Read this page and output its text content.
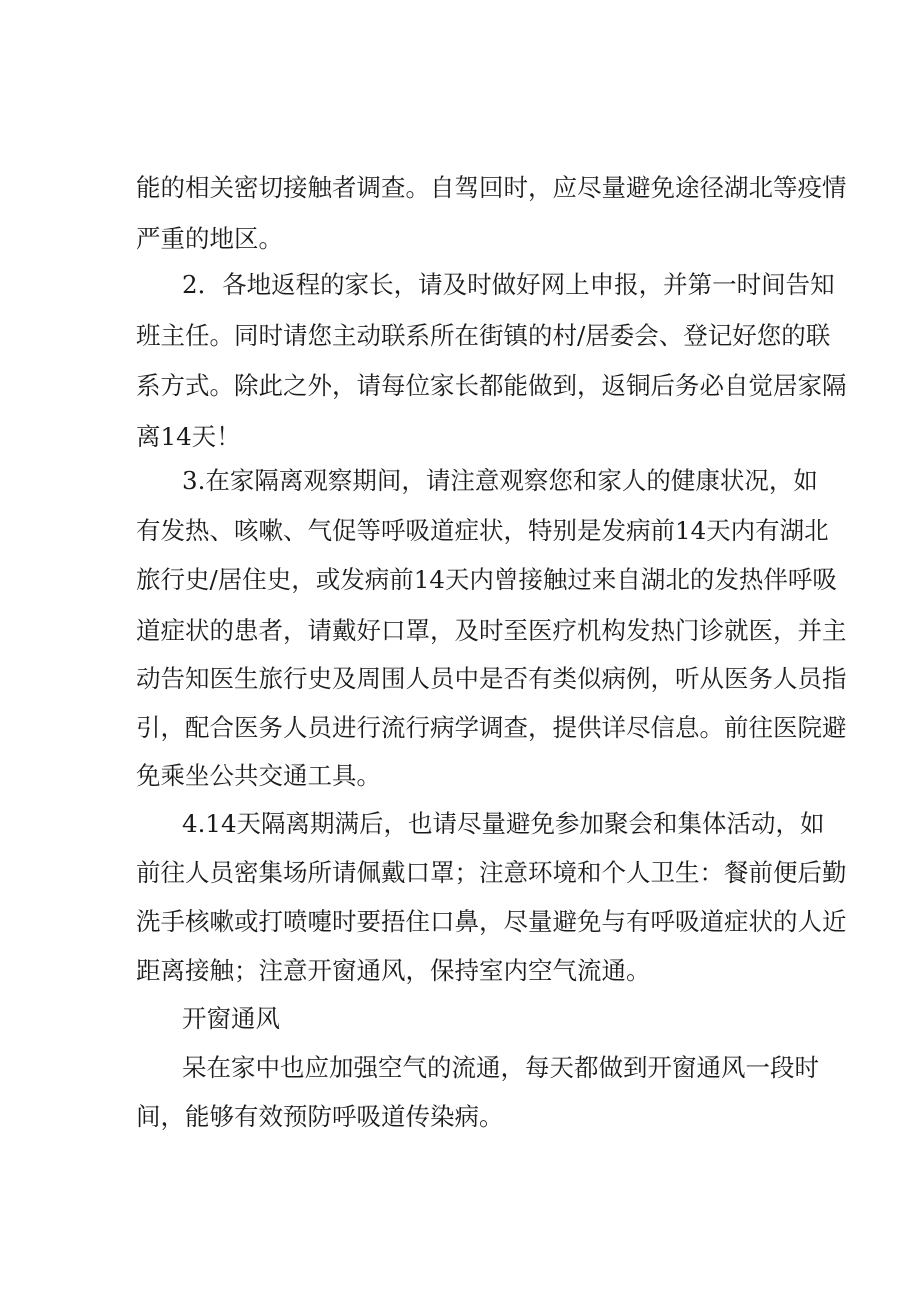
能的相关密切接触者调查。自驾回时，应尽量避免途径湖北等疫情

严重的地区。

2．各地返程的家长，请及时做好网上申报，并第一时间告知

班主任。同时请您主动联系所在街镇的村/居委会、登记好您的联

系方式。除此之外，请每位家长都能做到，返铜后务必自觉居家隔

离14天！

3.在家隔离观察期间，请注意观察您和家人的健康状况，如

有发热、咳嗽、气促等呼吸道症状，特别是发病前14天内有湖北

旅行史/居住史，或发病前14天内曾接触过来自湖北的发热伴呼吸

道症状的患者，请戴好口罩，及时至医疗机构发热门诊就医，并主

动告知医生旅行史及周围人员中是否有类似病例，听从医务人员指

引，配合医务人员进行流行病学调查，提供详尽信息。前往医院避

免乘坐公共交通工具。

4.14天隔离期满后，也请尽量避免参加聚会和集体活动，如

前往人员密集场所请佩戴口罩；注意环境和个人卫生：餐前便后勤

洗手核嗽或打喷嚏时要捂住口鼻，尽量避免与有呼吸道症状的人近

距离接触；注意开窗通风，保持室内空气流通。

开窗通风

呆在家中也应加强空气的流通，每天都做到开窗通风一段时

间，能够有效预防呼吸道传染病。
